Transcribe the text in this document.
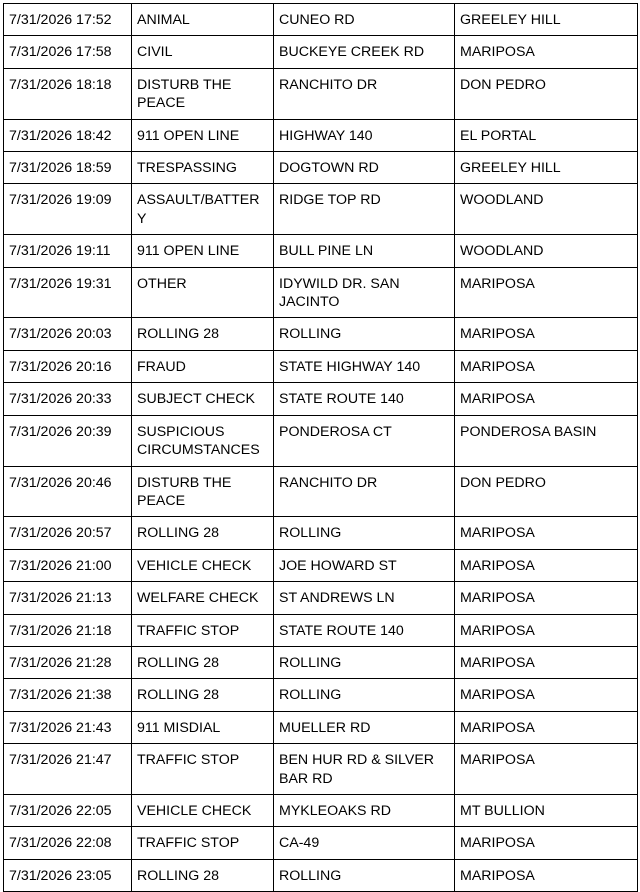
7/31/2026 17:52	ANIMAL	CUNEO RD	GREELEY HILL
7/31/2026 17:58	CIVIL	BUCKEYE CREEK RD	MARIPOSA
7/31/2026 18:18	DISTURB THE PEACE	RANCHITO DR	DON PEDRO
7/31/2026 18:42	911 OPEN LINE	HIGHWAY 140	EL PORTAL
7/31/2026 18:59	TRESPASSING	DOGTOWN RD	GREELEY HILL
7/31/2026 19:09	ASSAULT/BATTERY	RIDGE TOP RD	WOODLAND
7/31/2026 19:11	911 OPEN LINE	BULL PINE LN	WOODLAND
7/31/2026 19:31	OTHER	IDYWILD DR. SAN JACINTO	MARIPOSA
7/31/2026 20:03	ROLLING 28	ROLLING	MARIPOSA
7/31/2026 20:16	FRAUD	STATE HIGHWAY 140	MARIPOSA
7/31/2026 20:33	SUBJECT CHECK	STATE ROUTE 140	MARIPOSA
7/31/2026 20:39	SUSPICIOUS CIRCUMSTANCES	PONDEROSA CT	PONDEROSA BASIN
7/31/2026 20:46	DISTURB THE PEACE	RANCHITO DR	DON PEDRO
7/31/2026 20:57	ROLLING 28	ROLLING	MARIPOSA
7/31/2026 21:00	VEHICLE CHECK	JOE HOWARD ST	MARIPOSA
7/31/2026 21:13	WELFARE CHECK	ST ANDREWS LN	MARIPOSA
7/31/2026 21:18	TRAFFIC STOP	STATE ROUTE 140	MARIPOSA
7/31/2026 21:28	ROLLING 28	ROLLING	MARIPOSA
7/31/2026 21:38	ROLLING 28	ROLLING	MARIPOSA
7/31/2026 21:43	911 MISDIAL	MUELLER RD	MARIPOSA
7/31/2026 21:47	TRAFFIC STOP	BEN HUR RD & SILVER BAR RD	MARIPOSA
7/31/2026 22:05	VEHICLE CHECK	MYKLEOAKS RD	MT BULLION
7/31/2026 22:08	TRAFFIC STOP	CA-49	MARIPOSA
7/31/2026 23:05	ROLLING 28	ROLLING	MARIPOSA
